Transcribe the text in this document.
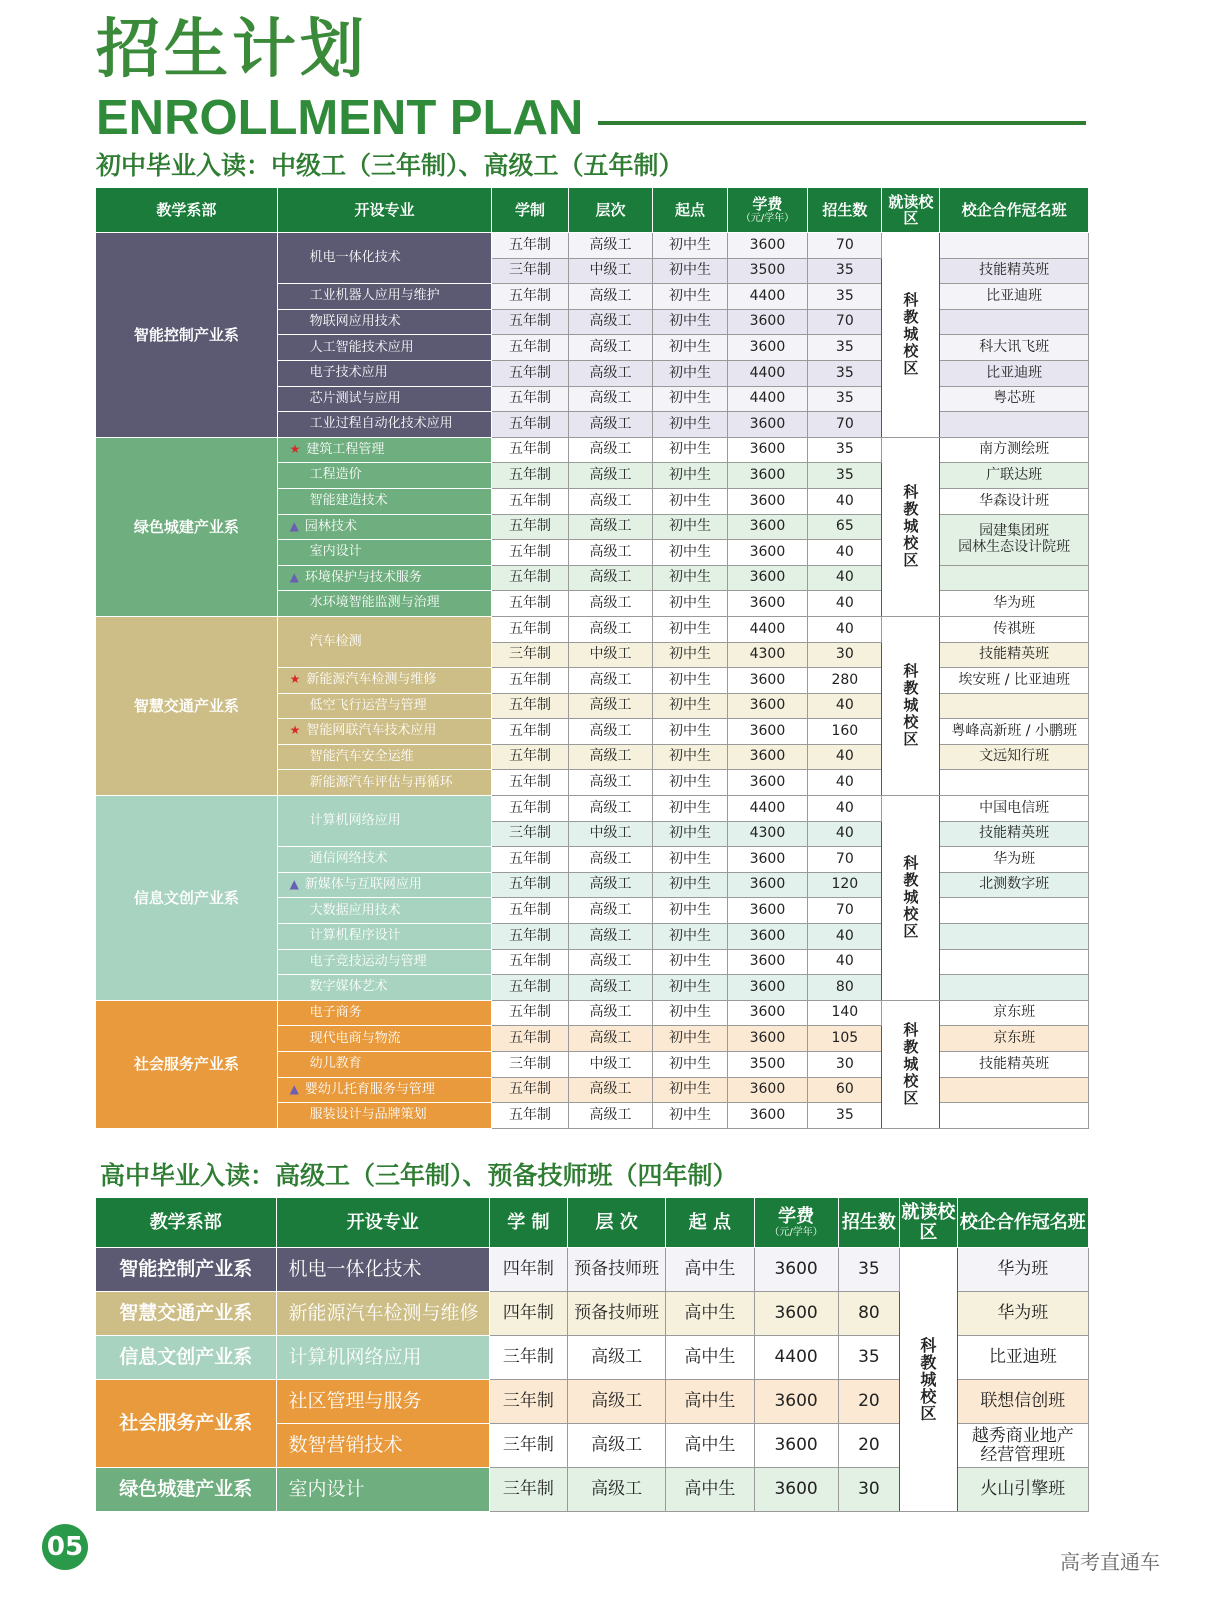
招生计划
ENROLLMENT PLAN
初中毕业入读：中级工（三年制）、高级工（五年制）
教学系部	开设专业	学制	层次	起点	学费
（元/学年）	招生数	就读校区	校企合作冠名班
智能控制产业系	机电一体化技术	五年制	高级工	初中生	3600	70	科教城校区	
		三年制	中级工	初中生	3500	35		技能精英班
	工业机器人应用与维护	五年制	高级工	初中生	4400	35		比亚迪班
	物联网应用技术	五年制	高级工	初中生	3600	70		
	人工智能技术应用	五年制	高级工	初中生	3600	35		科大讯飞班
	电子技术应用	五年制	高级工	初中生	4400	35		比亚迪班
	芯片测试与应用	五年制	高级工	初中生	4400	35		粤芯班
	工业过程自动化技术应用	五年制	高级工	初中生	3600	70		
绿色城建产业系	★ 建筑工程管理	五年制	高级工	初中生	3600	35	科教城校区	南方测绘班
	工程造价	五年制	高级工	初中生	3600	35		广联达班
	智能建造技术	五年制	高级工	初中生	3600	40		华森设计班
	▲ 园林技术	五年制	高级工	初中生	3600	65		园建集团班
园林生态设计院班
	室内设计	五年制	高级工	初中生	3600	40		
	▲ 环境保护与技术服务	五年制	高级工	初中生	3600	40		
	水环境智能监测与治理	五年制	高级工	初中生	3600	40		华为班
智慧交通产业系	汽车检测	五年制	高级工	初中生	4400	40	科教城校区	传祺班
		三年制	中级工	初中生	4300	30		技能精英班
	★ 新能源汽车检测与维修	五年制	高级工	初中生	3600	280		埃安班 / 比亚迪班
	低空飞行运营与管理	五年制	高级工	初中生	3600	40		
	★ 智能网联汽车技术应用	五年制	高级工	初中生	3600	160		粤峰高新班 / 小鹏班
	智能汽车安全运维	五年制	高级工	初中生	3600	40		文远知行班
	新能源汽车评估与再循环	五年制	高级工	初中生	3600	40		
信息文创产业系	计算机网络应用	五年制	高级工	初中生	4400	40	科教城校区	中国电信班
		三年制	中级工	初中生	4300	40		技能精英班
	通信网络技术	五年制	高级工	初中生	3600	70		华为班
	▲ 新媒体与互联网应用	五年制	高级工	初中生	3600	120		北测数字班
	大数据应用技术	五年制	高级工	初中生	3600	70		
	计算机程序设计	五年制	高级工	初中生	3600	40		
	电子竞技运动与管理	五年制	高级工	初中生	3600	40		
	数字媒体艺术	五年制	高级工	初中生	3600	80		
社会服务产业系	电子商务	五年制	高级工	初中生	3600	140	科教城校区	京东班
	现代电商与物流	五年制	高级工	初中生	3600	105		京东班
	幼儿教育	三年制	中级工	初中生	3500	30		技能精英班
	▲ 婴幼儿托育服务与管理	五年制	高级工	初中生	3600	60		
	服装设计与品牌策划	五年制	高级工	初中生	3600	35		
高中毕业入读：高级工（三年制）、预备技师班（四年制）
教学系部	开设专业	学 制	层 次	起 点	学费
（元/学年）	招生数	就读校区	校企合作冠名班
智能控制产业系	机电一体化技术	四年制	预备技师班	高中生	3600	35	科教城校区	华为班
智慧交通产业系	新能源汽车检测与维修	四年制	预备技师班	高中生	3600	80		华为班
信息文创产业系	计算机网络应用	三年制	高级工	高中生	4400	35		比亚迪班
社会服务产业系	社区管理与服务	三年制	高级工	高中生	3600	20		联想信创班
	数智营销技术	三年制	高级工	高中生	3600	20		越秀商业地产
经营管理班
绿色城建产业系	室内设计	三年制	高级工	高中生	3600	30		火山引擎班
05	高考直通车
